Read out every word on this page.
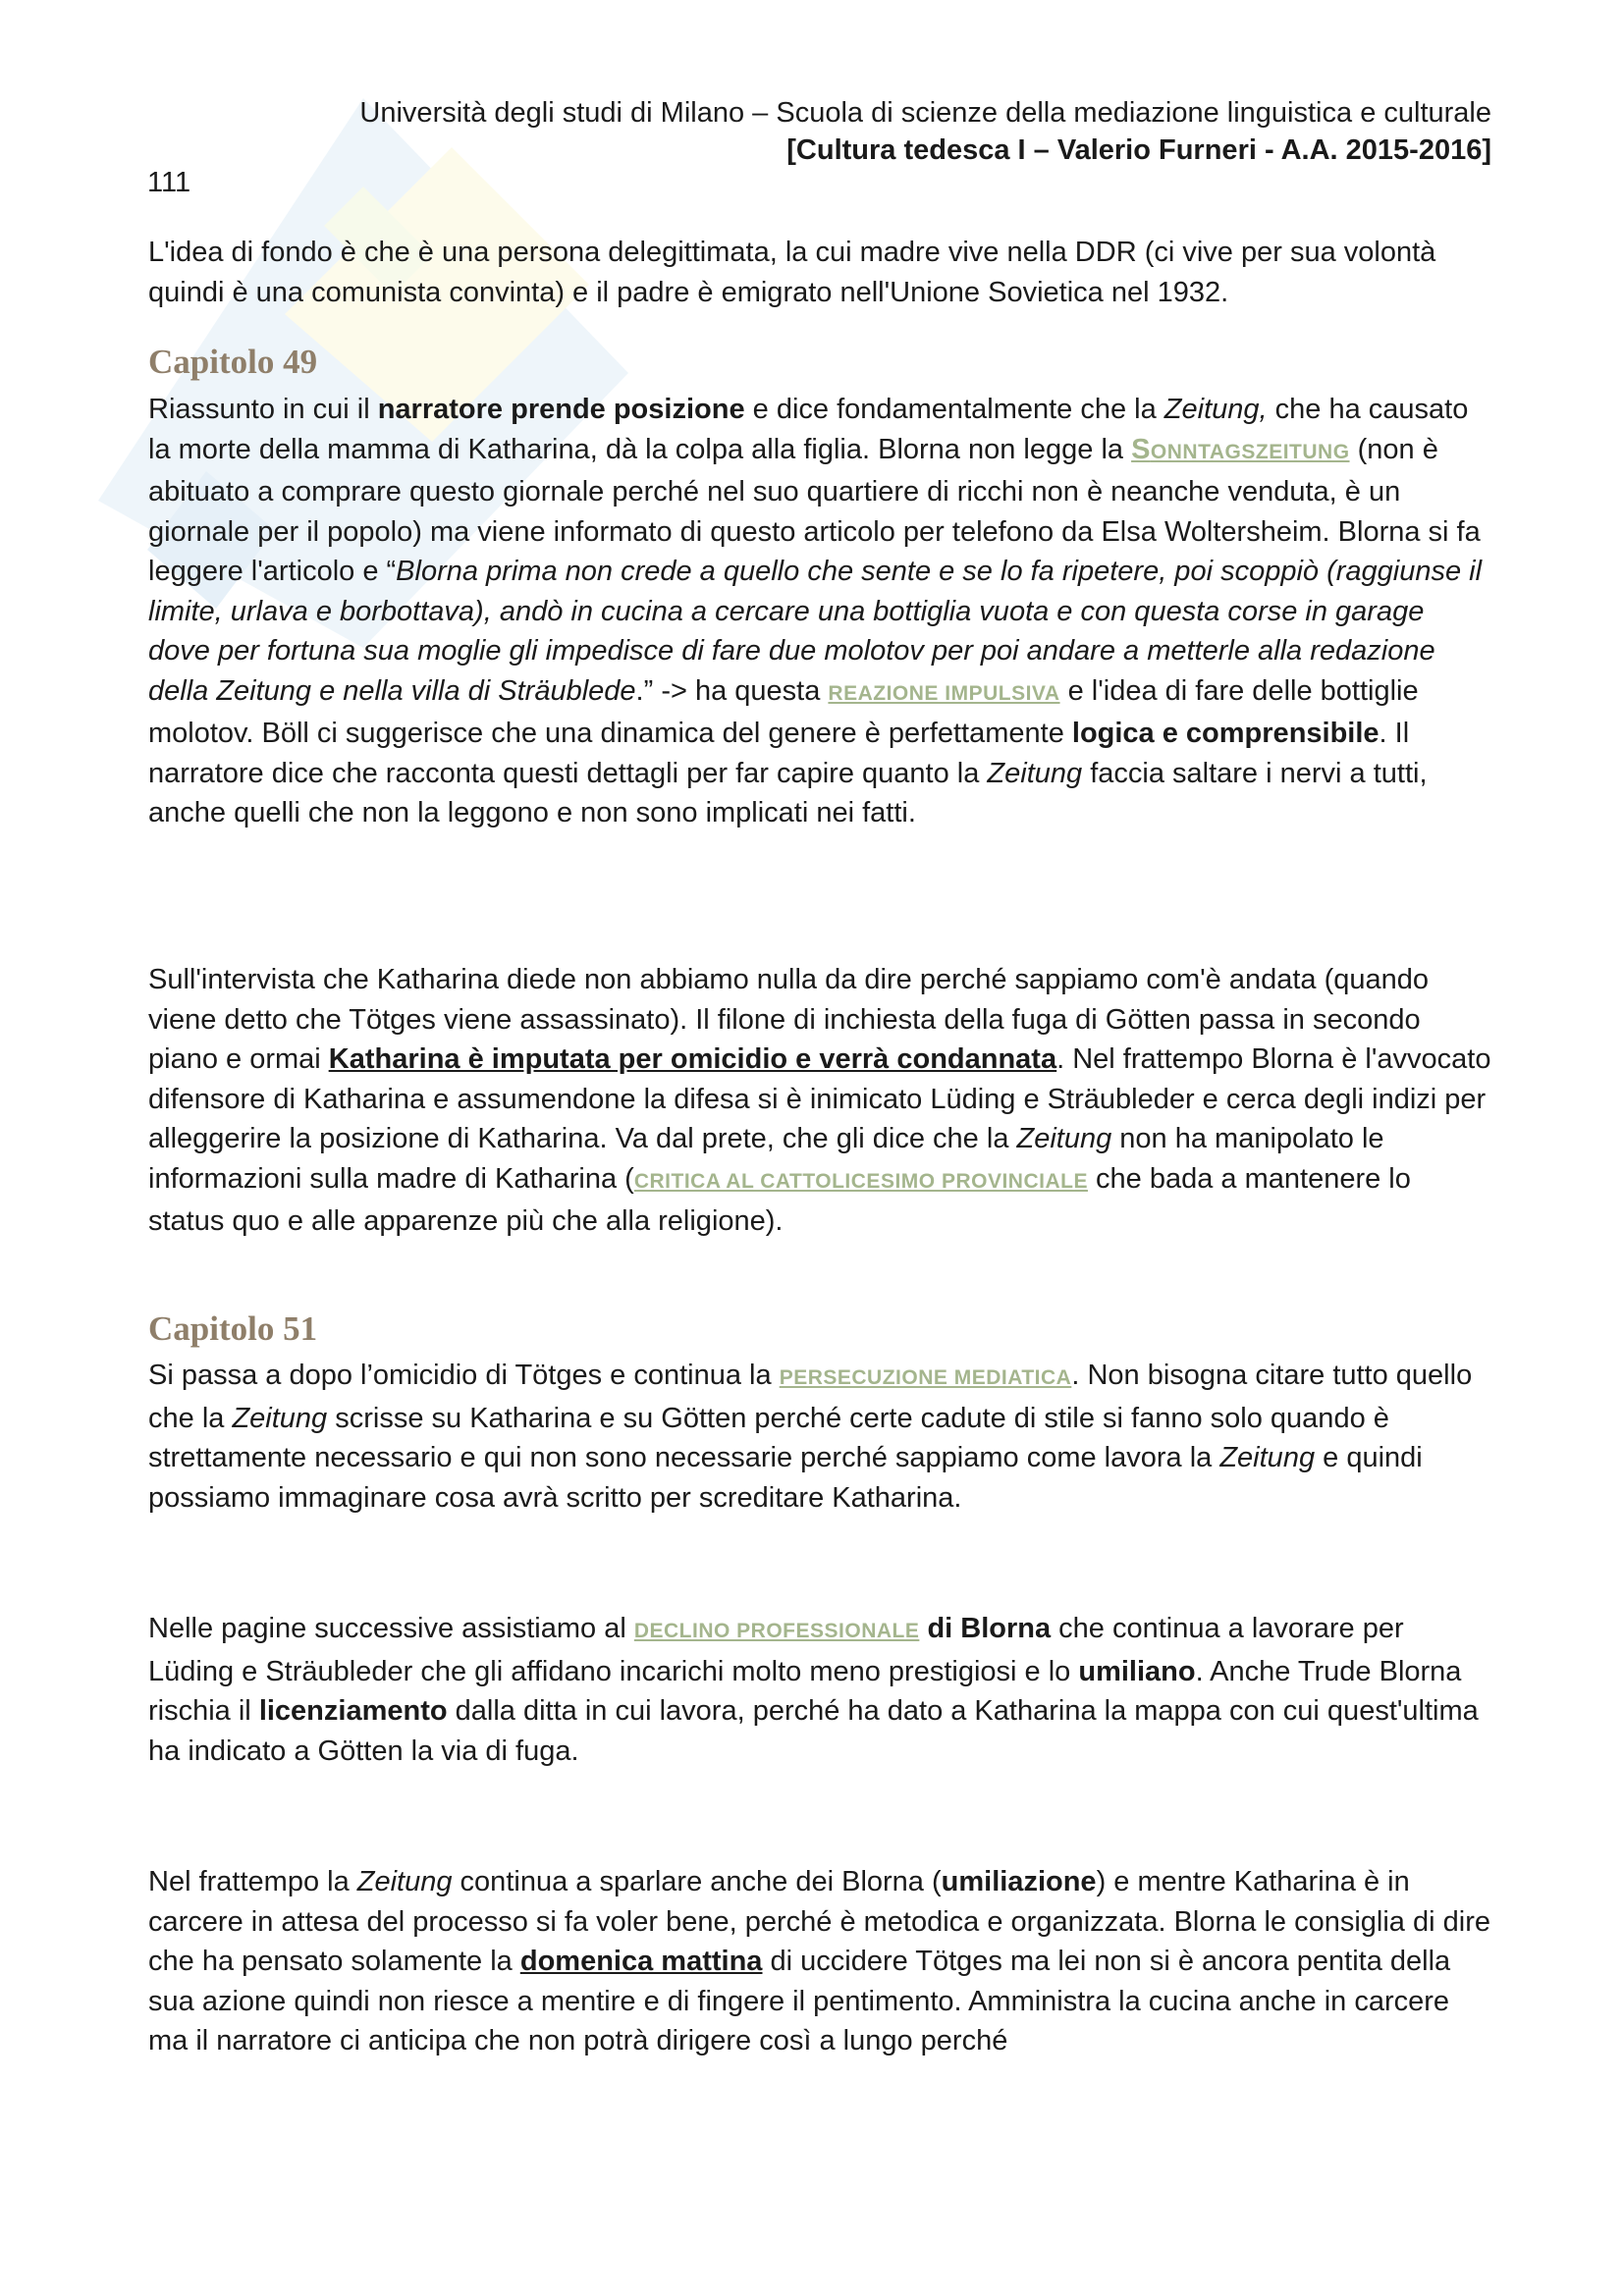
Università degli studi di Milano – Scuola di scienze della mediazione linguistica e culturale
[Cultura tedesca I – Valerio Furneri - A.A. 2015-2016]
111

L'idea di fondo è che è una persona delegittimata, la cui madre vive nella DDR (ci vive per sua volontà quindi è una comunista convinta) e il padre è emigrato nell'Unione Sovietica nel 1932.

Capitolo 49

Riassunto in cui il narratore prende posizione e dice fondamentalmente che la Zeitung, che ha causato la morte della mamma di Katharina, dà la colpa alla figlia. Blorna non legge la SONNTAGSZEITUNG (non è abituato a comprare questo giornale perché nel suo quartiere di ricchi non è neanche venduta, è un giornale per il popolo) ma viene informato di questo articolo per telefono da Elsa Woltersheim. Blorna si fa leggere l'articolo e “Blorna prima non crede a quello che sente e se lo fa ripetere, poi scoppiò (raggiunse il limite, urlava e borbottava), andò in cucina a cercare una bottiglia vuota e con questa corse in garage dove per fortuna sua moglie gli impedisce di fare due molotov per poi andare a metterle alla redazione della Zeitung e nella villa di Sträublede.” -> ha questa REAZIONE IMPULSIVA e l'idea di fare delle bottiglie molotov. Böll ci suggerisce che una dinamica del genere è perfettamente logica e comprensibile. Il narratore dice che racconta questi dettagli per far capire quanto la Zeitung faccia saltare i nervi a tutti, anche quelli che non la leggono e non sono implicati nei fatti.

Sull'intervista che Katharina diede non abbiamo nulla da dire perché sappiamo com'è andata (quando viene detto che Tötges viene assassinato). Il filone di inchiesta della fuga di Götten passa in secondo piano e ormai Katharina è imputata per omicidio e verrà condannata. Nel frattempo Blorna è l'avvocato difensore di Katharina e assumendone la difesa si è inimicato Lüding e Sträubleder e cerca degli indizi per alleggerire la posizione di Katharina. Va dal prete, che gli dice che la Zeitung non ha manipolato le informazioni sulla madre di Katharina (CRITICA AL CATTOLICESIMO PROVINCIALE che bada a mantenere lo status quo e alle apparenze più che alla religione).

Capitolo 51

Si passa a dopo l’omicidio di Tötges e continua la PERSECUZIONE MEDIATICA. Non bisogna citare tutto quello che la Zeitung scrisse su Katharina e su Götten perché certe cadute di stile si fanno solo quando è strettamente necessario e qui non sono necessarie perché sappiamo come lavora la Zeitung e quindi possiamo immaginare cosa avrà scritto per screditare Katharina.

Nelle pagine successive assistiamo al DECLINO PROFESSIONALE di Blorna che continua a lavorare per Lüding e Sträubleder che gli affidano incarichi molto meno prestigiosi e lo umiliano. Anche Trude Blorna rischia il licenziamento dalla ditta in cui lavora, perché ha dato a Katharina la mappa con cui quest'ultima ha indicato a Götten la via di fuga.

Nel frattempo la Zeitung continua a sparlare anche dei Blorna (umiliazione) e mentre Katharina è in carcere in attesa del processo si fa voler bene, perché è metodica e organizzata. Blorna le consiglia di dire che ha pensato solamente la domenica mattina di uccidere Tötges ma lei non si è ancora pentita della sua azione quindi non riesce a mentire e di fingere il pentimento. Amministra la cucina anche in carcere ma il narratore ci anticipa che non potrà dirigere così a lungo perché
